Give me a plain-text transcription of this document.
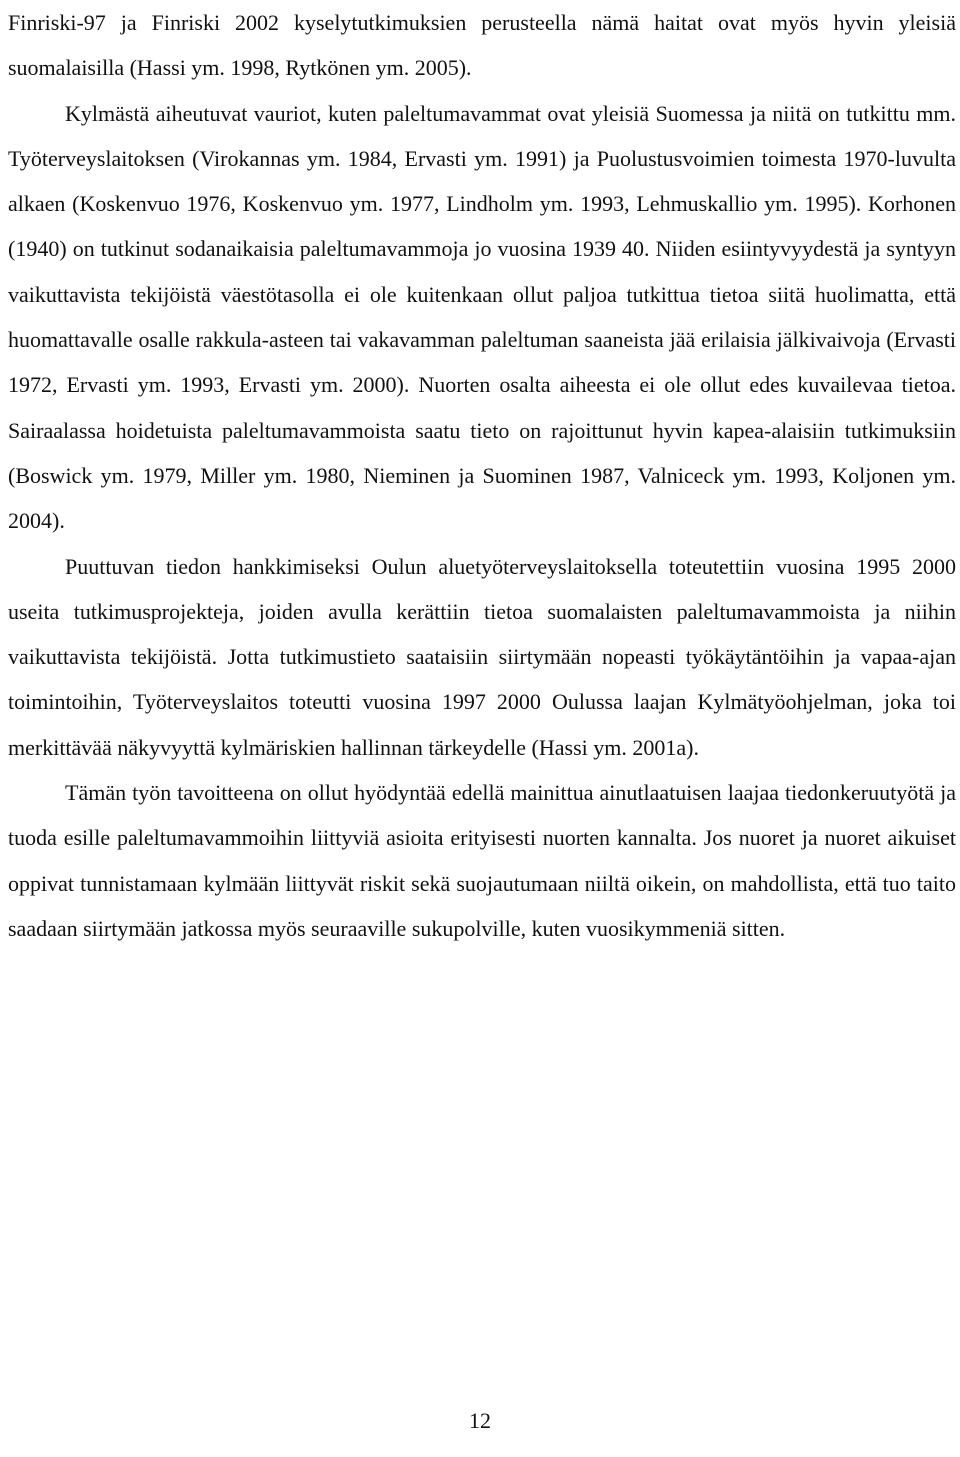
Finriski-97 ja Finriski 2002 kyselytutkimuksien perusteella nämä haitat ovat myös hyvin yleisiä suomalaisilla (Hassi ym. 1998, Rytkönen ym. 2005).

Kylmästä aiheutuvat vauriot, kuten paleltumavammat ovat yleisiä Suomessa ja niitä on tutkittu mm. Työterveyslaitoksen (Virokannas ym. 1984, Ervasti ym. 1991) ja Puolustusvoimien toimesta 1970-luvulta alkaen (Koskenvuo 1976, Koskenvuo ym. 1977, Lindholm ym. 1993, Lehmuskallio ym. 1995). Korhonen (1940) on tutkinut sodanaikaisia paleltumavammoja jo vuosina 1939 40. Niiden esiintyvyydestä ja syntyyn vaikuttavista tekijöistä väestötasolla ei ole kuitenkaan ollut paljoa tutkittua tietoa siitä huolimatta, että huomattavalle osalle rakkula-asteen tai vakavamman paleltuman saaneista jää erilaisia jälkivaivoja (Ervasti 1972, Ervasti ym. 1993, Ervasti ym. 2000). Nuorten osalta aiheesta ei ole ollut edes kuvailevaa tietoa. Sairaalassa hoidetuista paleltumavammoista saatu tieto on rajoittunut hyvin kapea-alaisiin tutkimuksiin (Boswick ym. 1979, Miller ym. 1980, Nieminen ja Suominen 1987, Valniceck ym. 1993, Koljonen ym. 2004).

Puuttuvan tiedon hankkimiseksi Oulun aluetyöterveyslaitoksella toteutettiin vuosina 1995 2000 useita tutkimusprojekteja, joiden avulla kerättiin tietoa suomalaisten paleltumavammoista ja niihin vaikuttavista tekijöistä. Jotta tutkimustieto saataisiin siirtymään nopeasti työkäytäntöihin ja vapaa-ajan toimintoihin, Työterveyslaitos toteutti vuosina 1997 2000 Oulussa laajan Kylmätyöohjelman, joka toi merkittävää näkyvyyttä kylmäriskien hallinnan tärkeydelle (Hassi ym. 2001a).

Tämän työn tavoitteena on ollut hyödyntää edellä mainittua ainutlaatuisen laajaa tiedonkeruutyötä ja tuoda esille paleltumavammoihin liittyviä asioita erityisesti nuorten kannalta. Jos nuoret ja nuoret aikuiset oppivat tunnistamaan kylmään liittyvät riskit sekä suojautumaan niiltä oikein, on mahdollista, että tuo taito saadaan siirtymään jatkossa myös seuraaville sukupolville, kuten vuosikymmeniä sitten.

12
